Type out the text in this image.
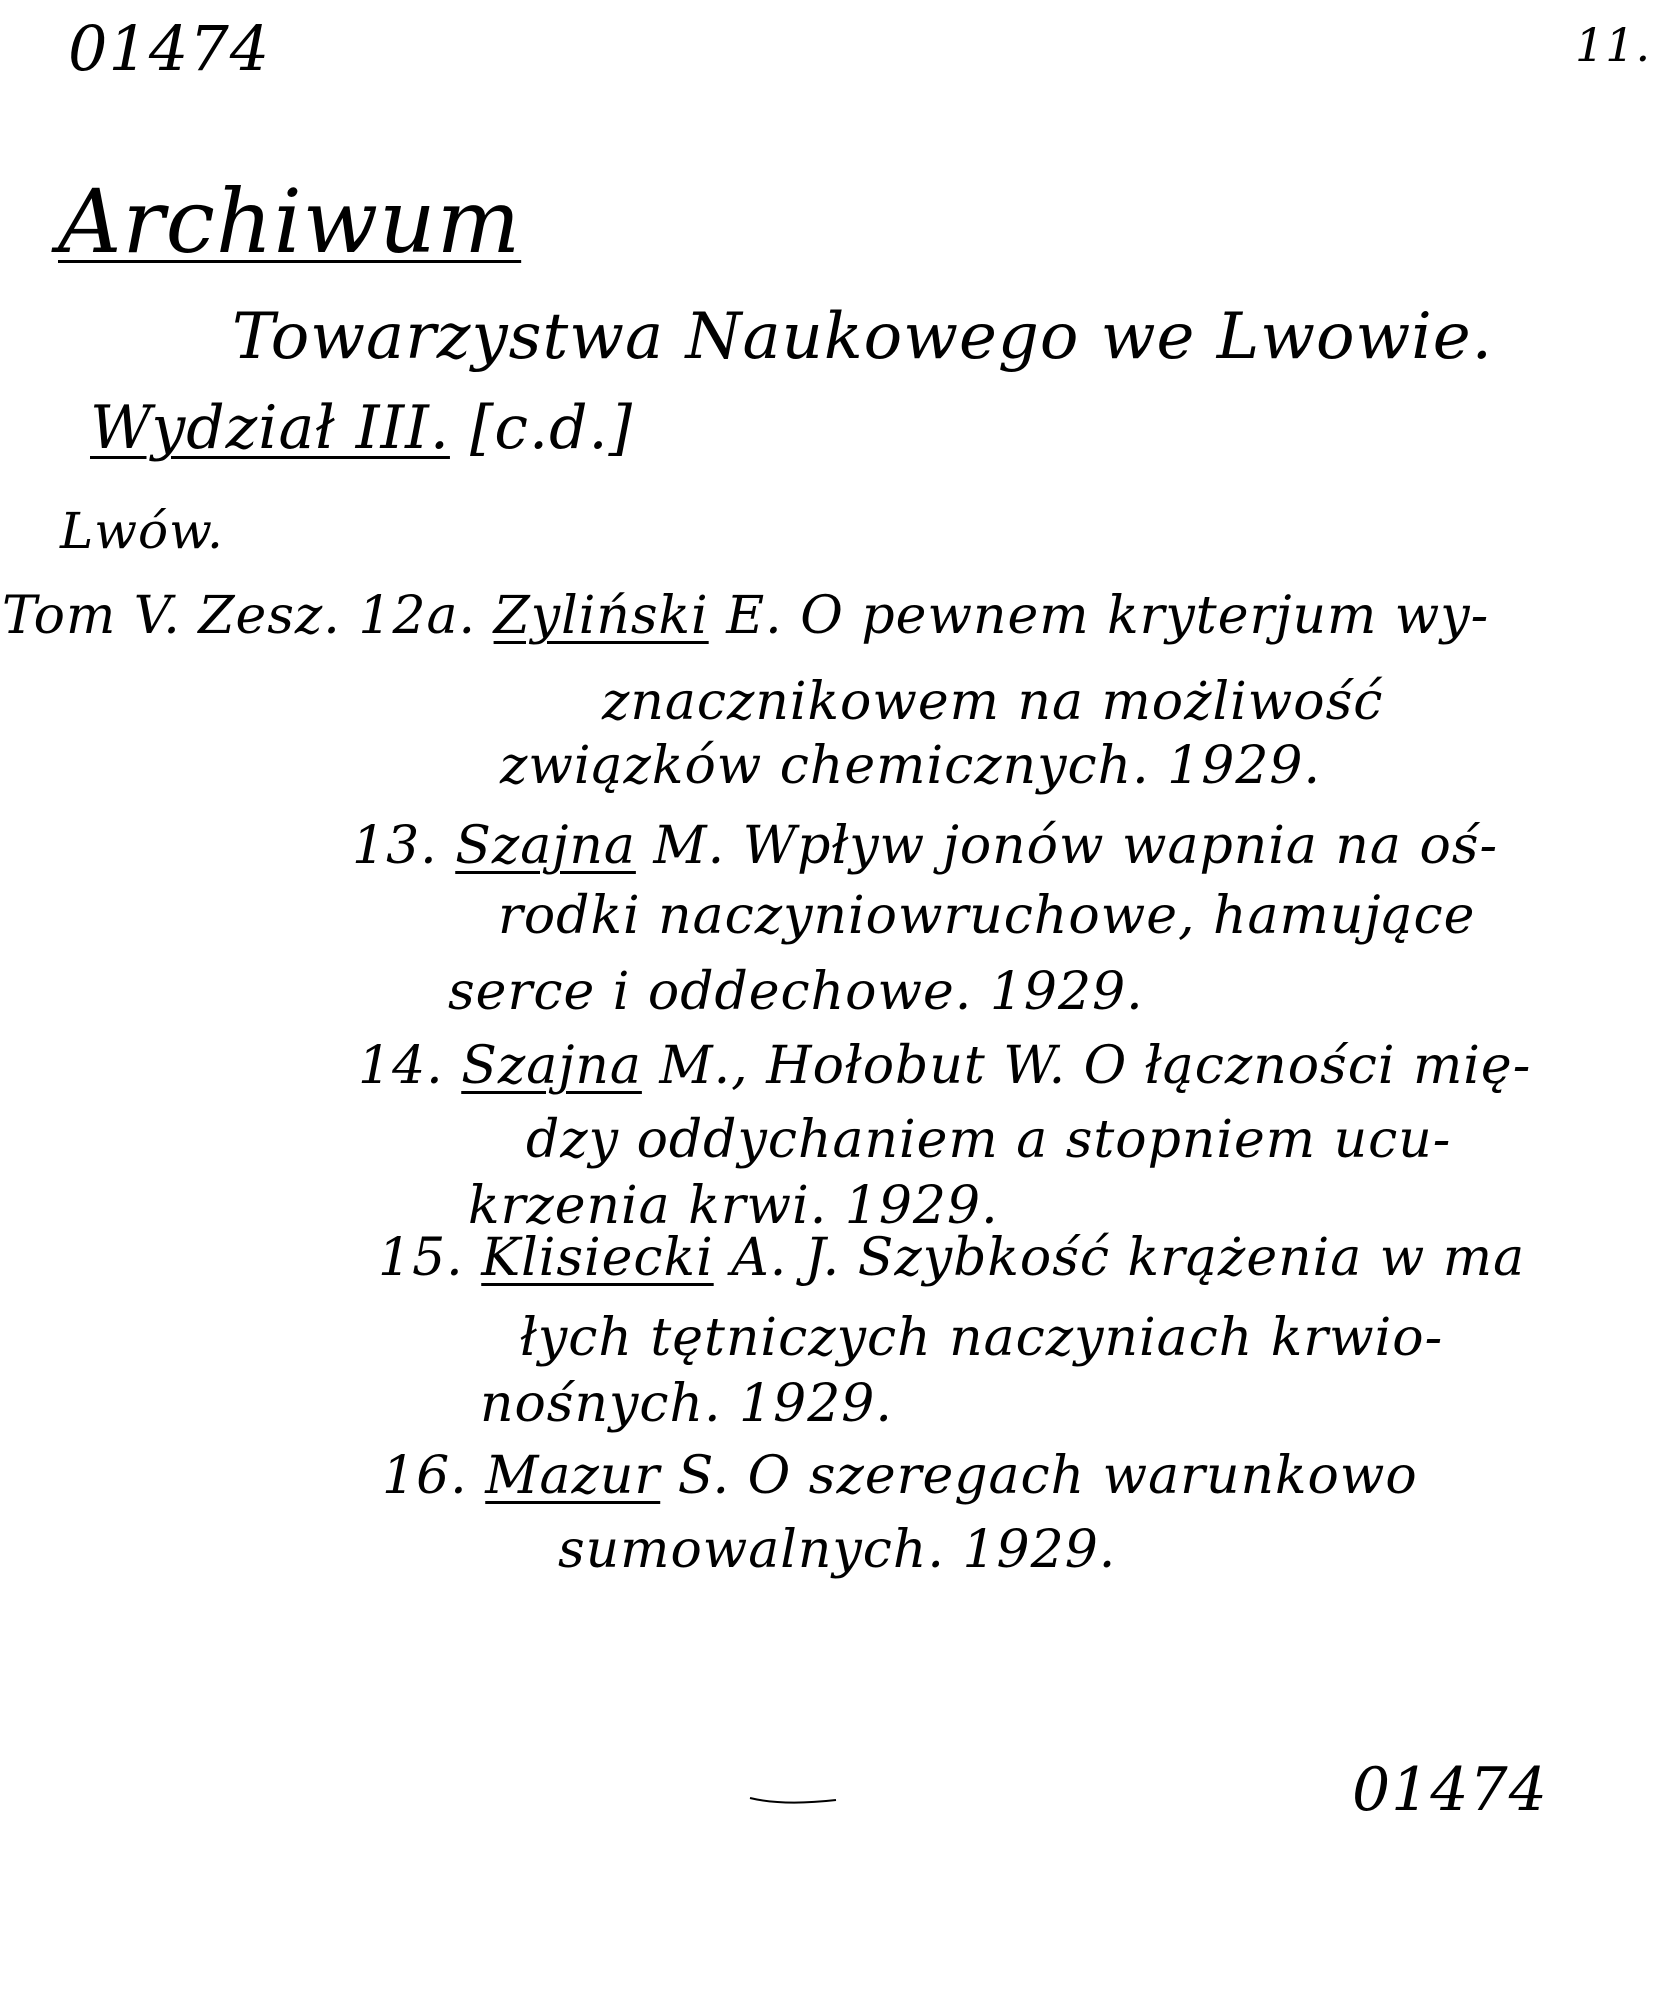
01474	11.
Archiwum
Towarzystwa Naukowego we Lwowie.
Wydział III. [c.d.]
Lwów.
Tom V. Zesz. 12a. Zyliński E. O pewnem kryterjum wy-
znacznikowem na możliwość
związków chemicznych. 1929.
13. Szajna M. Wpływ jonów wapnia na oś-
rodki naczyniowruchowe, hamujące
serce i oddechowe. 1929.
14. Szajna M., Hołobut W. O łączności mię-
dzy oddychaniem a stopniem ucu-
krzenia krwi. 1929.
15. Klisiecki A. J. Szybkość krążenia w ma
łych tętniczych naczyniach krwio-
nośnych. 1929.
16. Mazur S. O szeregach warunkowo
sumowalnych. 1929.
01474
